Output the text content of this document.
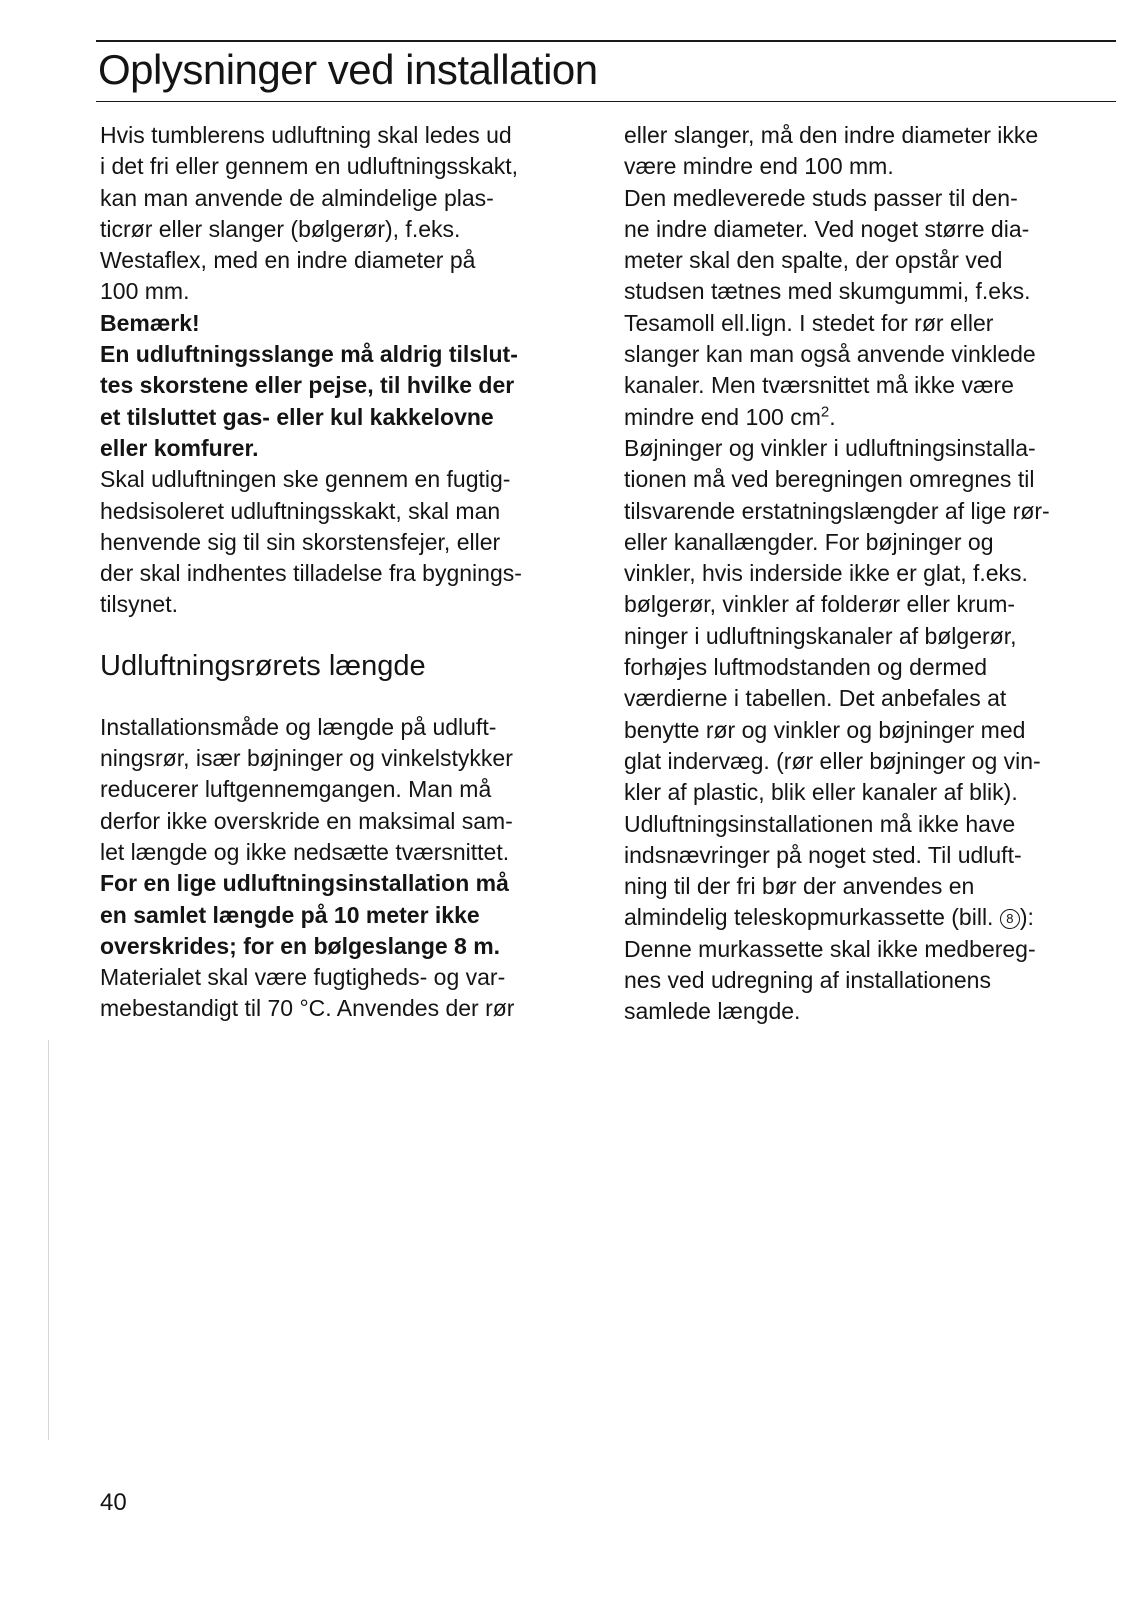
Oplysninger ved installation

Hvis tumblerens udluftning skal ledes ud
i det fri eller gennem en udluftningsskakt,
kan man anvende de almindelige plas-
ticrør eller slanger (bølgerør), f.eks.
Westaflex, med en indre diameter på
100 mm.

Bemærk!

En udluftningsslange må aldrig tilslut-
tes skorstene eller pejse, til hvilke der
et tilsluttet gas- eller kul kakkelovne
eller komfurer.

Skal udluftningen ske gennem en fugtig-
hedsisoleret udluftningsskakt, skal man
henvende sig til sin skorstensfejer, eller
der skal indhentes tilladelse fra bygnings-
tilsynet.

Udluftningsrørets længde

Installationsmåde og længde på udluft-
ningsrør, især bøjninger og vinkelstykker
reducerer luftgennemgangen. Man må
derfor ikke overskride en maksimal sam-
let længde og ikke nedsætte tværsnittet.

For en lige udluftningsinstallation må
en samlet længde på 10 meter ikke
overskrides; for en bølgeslange 8 m.

Materialet skal være fugtigheds- og var-
mebestandigt til 70 °C. Anvendes der rør

eller slanger, må den indre diameter ikke
være mindre end 100 mm.
Den medleverede studs passer til den-
ne indre diameter. Ved noget større dia-
meter skal den spalte, der opstår ved
studsen tætnes med skumgummi, f.eks.
Tesamoll ell.lign. I stedet for rør eller
slanger kan man også anvende vinklede
kanaler. Men tværsnittet må ikke være
mindre end 100 $cm^2$.

Bøjninger og vinkler i udluftningsinstalla-
tionen må ved beregningen omregnes til
tilsvarende erstatningslængder af lige rør-
eller kanallængder. For bøjninger og
vinkler, hvis inderside ikke er glat, f.eks.
bølgerør, vinkler af folderør eller krum-
ninger i udluftningskanaler af bølgerør,
forhøjes luftmodstanden og dermed
værdierne i tabellen. Det anbefales at
benytte rør og vinkler og bøjninger med
glat indervæg. (rør eller bøjninger og vin-
kler af plastic, blik eller kanaler af blik).
Udluftningsinstallationen må ikke have
indsnævringer på noget sted. Til udluft-
ning til der fri bør der anvendes en
almindelig teleskopmurkassette (bill. 8 ):
Denne murkassette skal ikke medbereg-
nes ved udregning af installationens
samlede længde.

40
